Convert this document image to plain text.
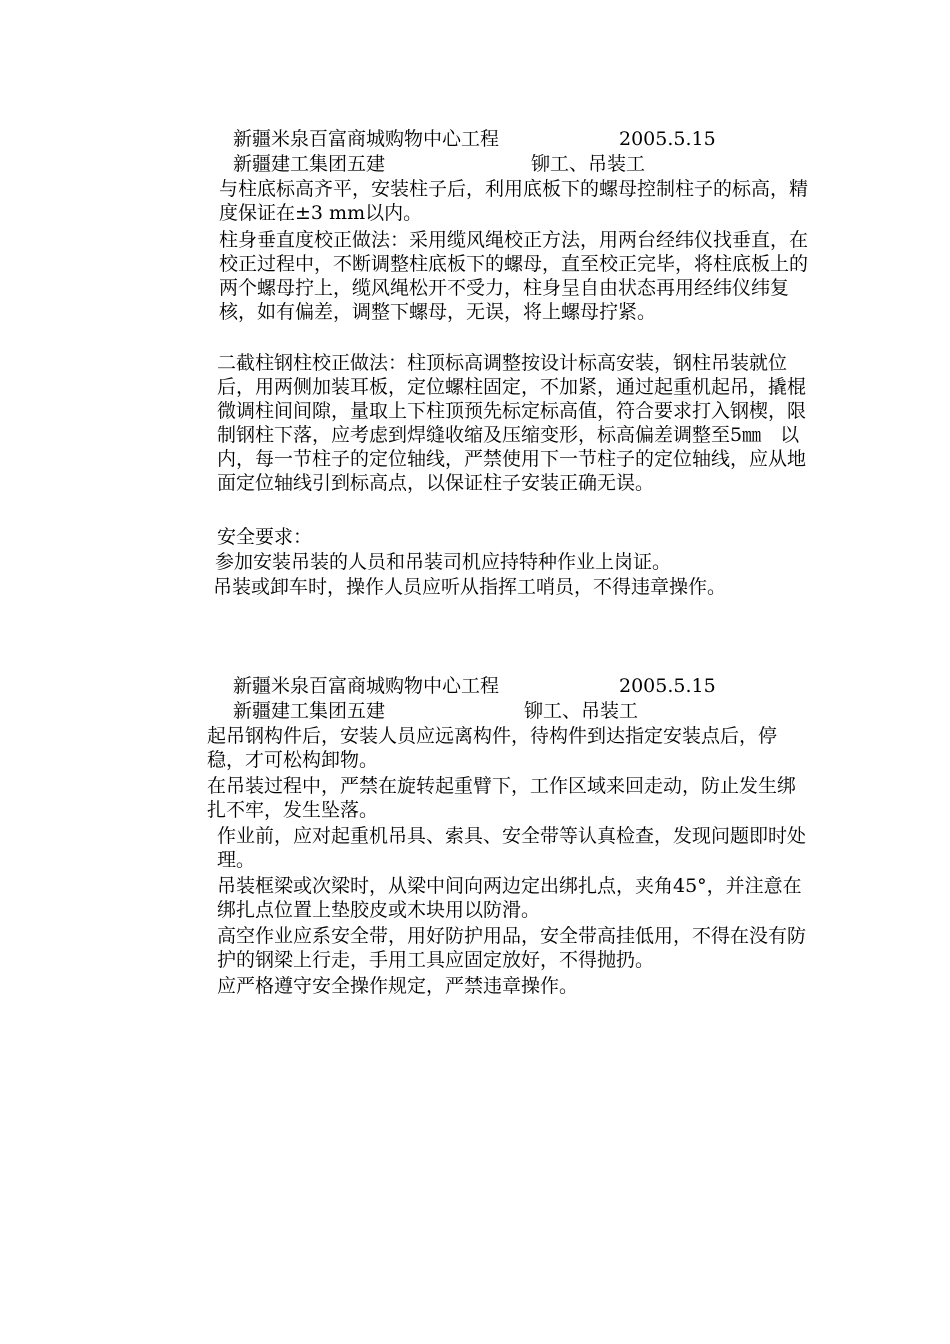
新疆米泉百富商城购物中心工程	2005.5.15
新疆建工集团五建	铆工、吊装工
与柱底标高齐平，安装柱子后，利用底板下的螺母控制柱子的标高，精度保证在±3 mm以内。
柱身垂直度校正做法：采用缆风绳校正方法，用两台经纬仪找垂直，在校正过程中，不断调整柱底板下的螺母，直至校正完毕，将柱底板上的两个螺母拧上，缆风绳松开不受力，柱身呈自由状态再用经纬仪纬复核，如有偏差，调整下螺母，无误，将上螺母拧紧。
二截柱钢柱校正做法：柱顶标高调整按设计标高安装，钢柱吊装就位后，用两侧加装耳板，定位螺柱固定，不加紧，通过起重机起吊，撬棍微调柱间间隙，量取上下柱顶预先标定标高值，符合要求打入钢楔，限制钢柱下落，应考虑到焊缝收缩及压缩变形，标高偏差调整至5㎜　以内，每一节柱子的定位轴线，严禁使用下一节柱子的定位轴线，应从地面定位轴线引到标高点，以保证柱子安装正确无误。
安全要求：
参加安装吊装的人员和吊装司机应持特种作业上岗证。
吊装或卸车时，操作人员应听从指挥工哨员，不得违章操作。
新疆米泉百富商城购物中心工程	2005.5.15
新疆建工集团五建	铆工、吊装工
起吊钢构件后，安装人员应远离构件，待构件到达指定安装点后，停稳，才可松构卸物。
在吊装过程中，严禁在旋转起重臂下，工作区域来回走动，防止发生绑扎不牢，发生坠落。
作业前，应对起重机吊具、索具、安全带等认真检查，发现问题即时处理。
吊装框梁或次梁时，从梁中间向两边定出绑扎点，夹角45°，并注意在绑扎点位置上垫胶皮或木块用以防滑。
高空作业应系安全带，用好防护用品，安全带高挂低用，不得在没有防护的钢梁上行走，手用工具应固定放好，不得抛扔。
应严格遵守安全操作规定，严禁违章操作。
